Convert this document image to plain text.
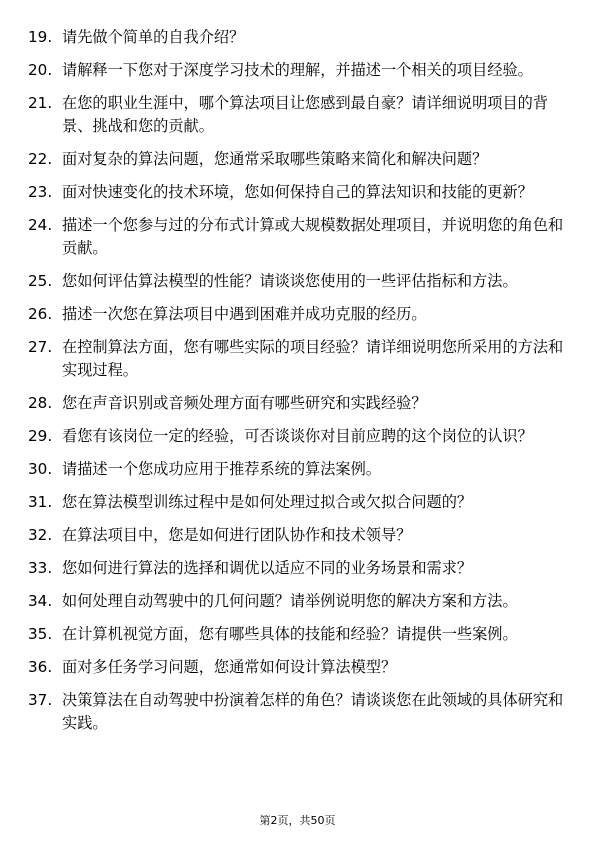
19. 请先做个简单的自我介绍？
20. 请解释一下您对于深度学习技术的理解，并描述一个相关的项目经验。
21. 在您的职业生涯中，哪个算法项目让您感到最自豪？请详细说明项目的背景、挑战和您的贡献。
22. 面对复杂的算法问题，您通常采取哪些策略来简化和解决问题？
23. 面对快速变化的技术环境，您如何保持自己的算法知识和技能的更新？
24. 描述一个您参与过的分布式计算或大规模数据处理项目，并说明您的角色和贡献。
25. 您如何评估算法模型的性能？请谈谈您使用的一些评估指标和方法。
26. 描述一次您在算法项目中遇到困难并成功克服的经历。
27. 在控制算法方面，您有哪些实际的项目经验？请详细说明您所采用的方法和实现过程。
28. 您在声音识别或音频处理方面有哪些研究和实践经验？
29. 看您有该岗位一定的经验，可否谈谈你对目前应聘的这个岗位的认识？
30. 请描述一个您成功应用于推荐系统的算法案例。
31. 您在算法模型训练过程中是如何处理过拟合或欠拟合问题的？
32. 在算法项目中，您是如何进行团队协作和技术领导？
33. 您如何进行算法的选择和调优以适应不同的业务场景和需求？
34. 如何处理自动驾驶中的几何问题？请举例说明您的解决方案和方法。
35. 在计算机视觉方面，您有哪些具体的技能和经验？请提供一些案例。
36. 面对多任务学习问题，您通常如何设计算法模型？
37. 决策算法在自动驾驶中扮演着怎样的角色？请谈谈您在此领域的具体研究和实践。
第2页，共50页
